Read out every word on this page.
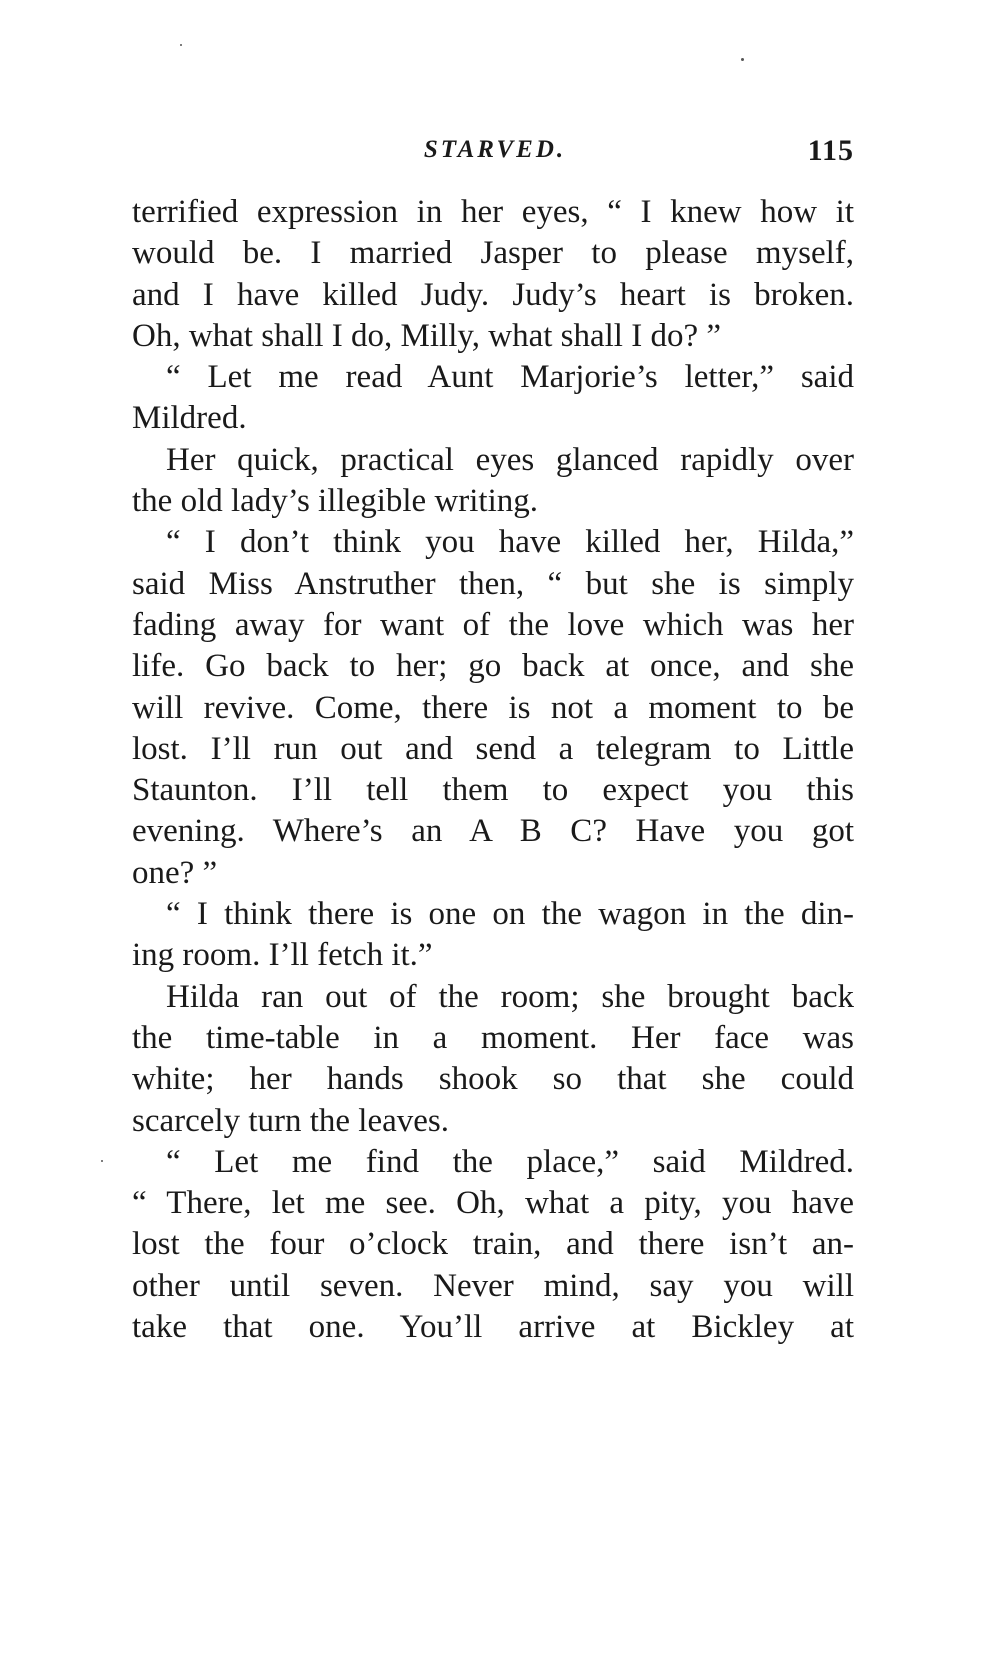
STARVED.	115
terrified expression in her eyes, “ I knew how it
would be. I married Jasper to please myself,
and I have killed Judy. Judy’s heart is broken.
Oh, what shall I do, Milly, what shall I do? ”
“ Let me read Aunt Marjorie’s letter,” said
Mildred.
Her quick, practical eyes glanced rapidly over
the old lady’s illegible writing.
“ I don’t think you have killed her, Hilda,”
said Miss Anstruther then, “ but she is simply
fading away for want of the love which was her
life. Go back to her; go back at once, and she
will revive. Come, there is not a moment to be
lost. I’ll run out and send a telegram to Little
Staunton. I’ll tell them to expect you this
evening. Where’s an A B C? Have you got
one? ”
“ I think there is one on the wagon in the din-
ing room. I’ll fetch it.”
Hilda ran out of the room; she brought back
the time-table in a moment. Her face was
white; her hands shook so that she could
scarcely turn the leaves.
“ Let me find the place,” said Mildred.
“ There, let me see. Oh, what a pity, you have
lost the four o’clock train, and there isn’t an-
other until seven. Never mind, say you will
take that one. You’ll arrive at Bickley at
